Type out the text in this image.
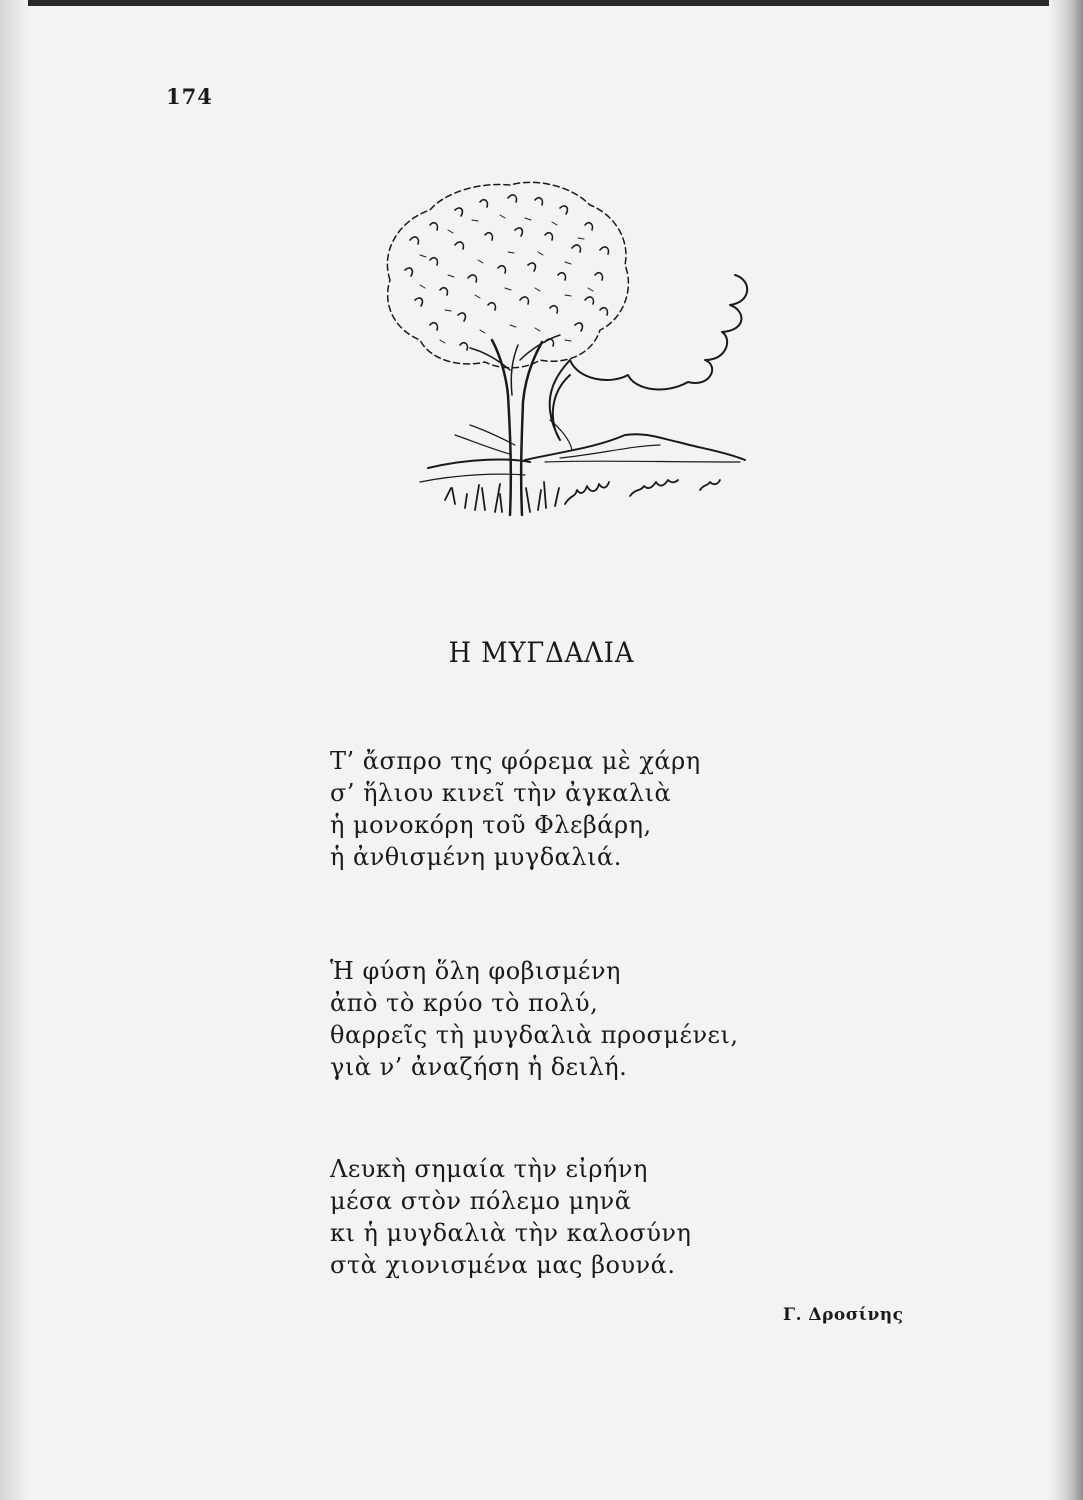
174
Η ΜΥΓΔΑΛΙΑ
Τ’ ἄσπρο της φόρεμα μὲ χάρη
σ’ ἥλιου κινεῖ τὴν ἀγκαλιὰ
ἡ μονοκόρη τοῦ Φλεβάρη,
ἡ ἀνθισμένη μυγδαλιά.
Ἡ φύση ὅλη φοβισμένη
ἀπὸ τὸ κρύο τὸ πολύ,
θαρρεῖς τὴ μυγδαλιὰ προσμένει,
γιὰ ν’ ἀναζήση ἡ δειλή.
Λευκὴ σημαία τὴν εἰρήνη
μέσα στὸν πόλεμο μηνᾶ
κι ἡ μυγδαλιὰ τὴν καλοσύνη
στὰ χιονισμένα μας βουνά.
Γ. Δροσίνης
